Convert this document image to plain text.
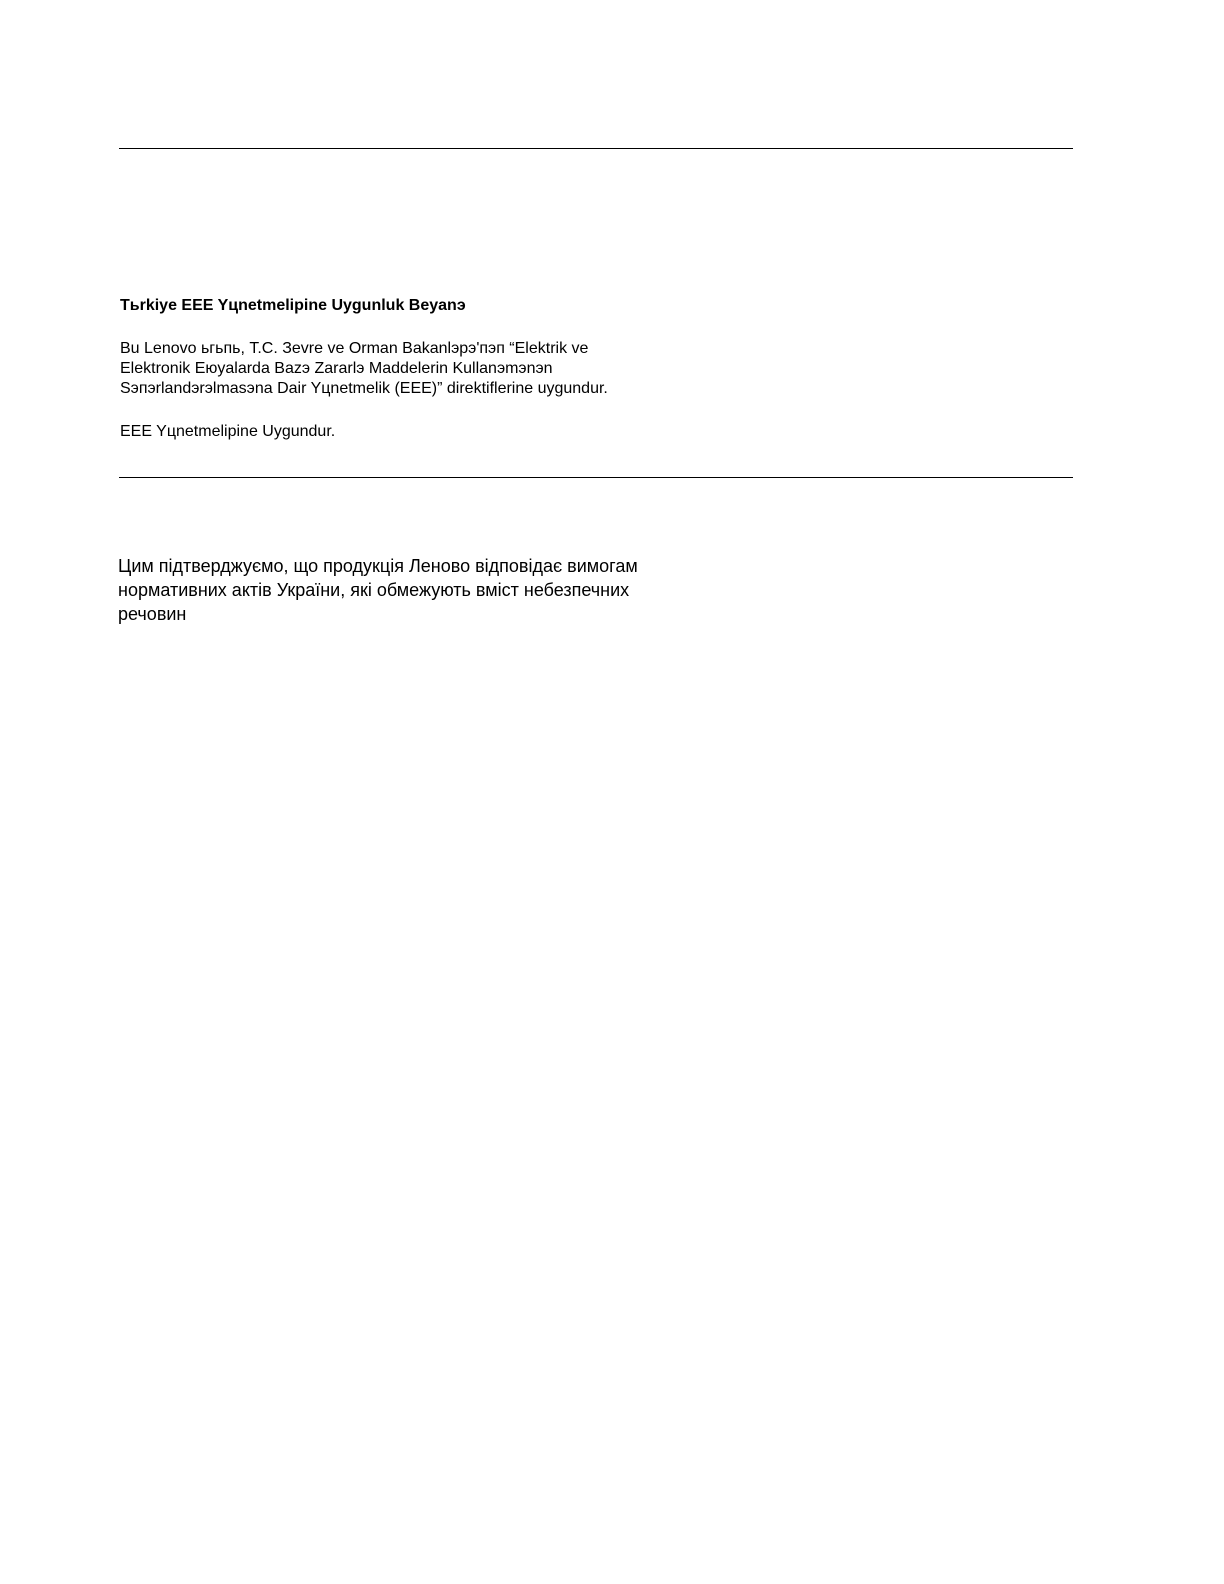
Tьrkiye EEE Yцnetmelipine Uygunluk Beyanэ

Bu Lenovo ьгьпь, T.C. Зevre ve Orman Bakanlэрэ'пэп “Elektrik ve
Elektronik Eюyalarda Bazэ Zararlэ Maddelerin Kullanэmэnэn
Sэпэrlandэrэlmasэna Dair Yцnetmelik (EEE)” direktiflerine uygundur.

EEE Yцnetmelipine Uygundur.

Цим підтверджуємо, що продукція Леново відповідає вимогам
нормативних актів України, які обмежують вміст небезпечних
речовин
